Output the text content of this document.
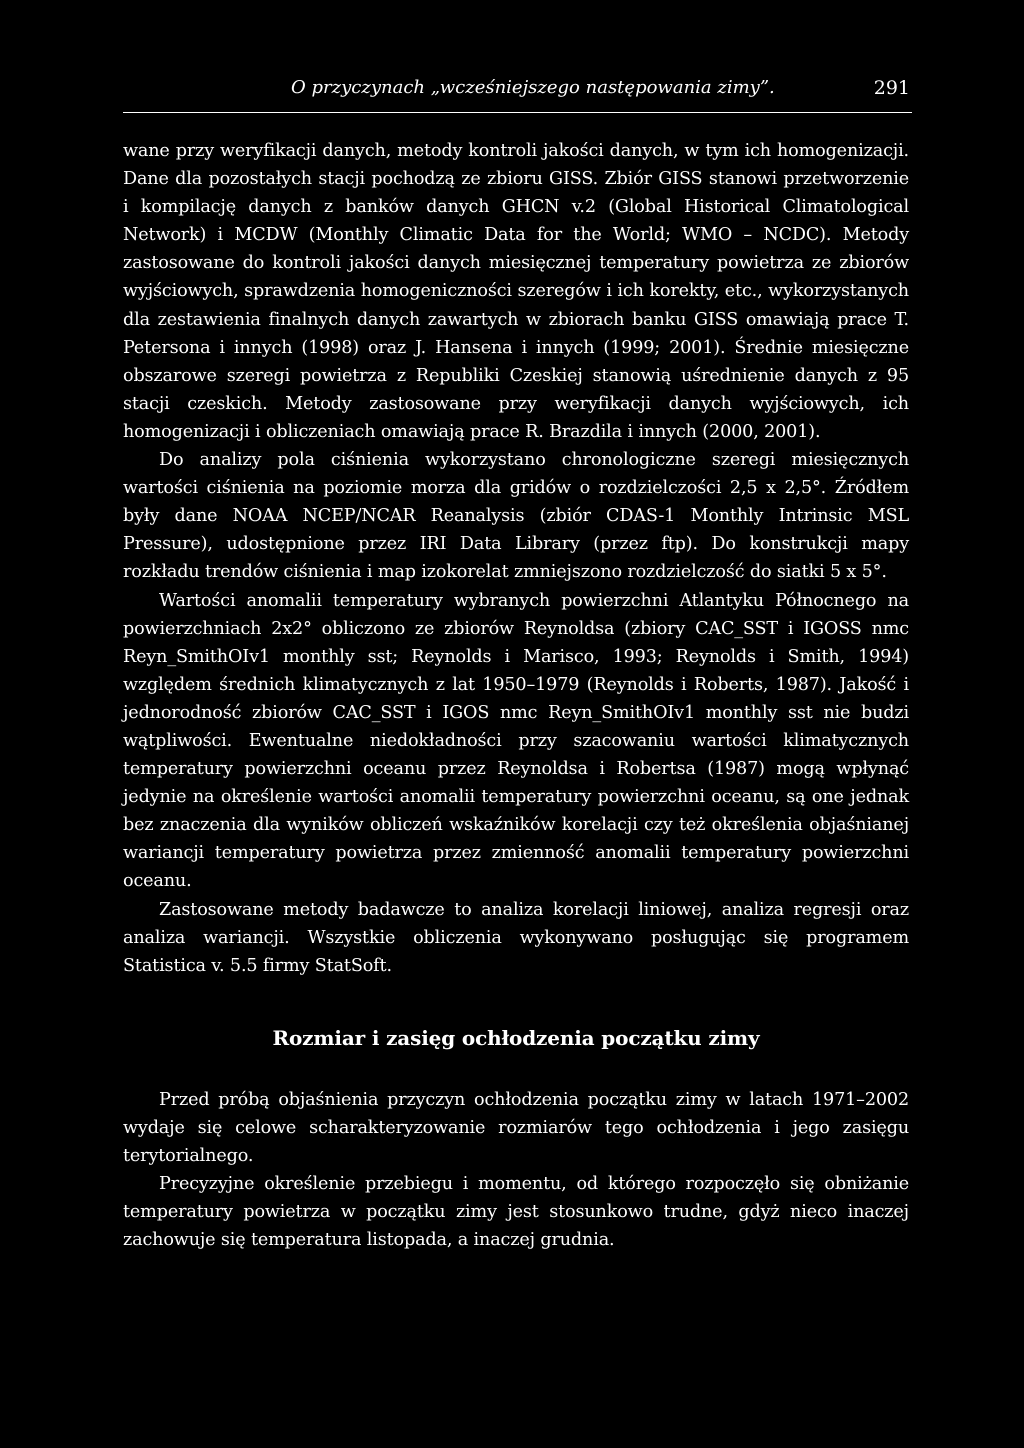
O przyczynach „wcześniejszego następowania zimy”.	291

wane przy weryfikacji danych, metody kontroli jakości danych, w tym ich homogenizacji. Dane dla pozostałych stacji pochodzą ze zbioru GISS. Zbiór GISS stanowi przetworzenie i kompilację danych z banków danych GHCN v.2 (Global Historical Climatological Network) i MCDW (Monthly Climatic Data for the World; WMO – NCDC). Metody zastosowane do kontroli jakości danych miesięcznej temperatury powietrza ze zbiorów wyjściowych, sprawdzenia homogeniczności szeregów i ich korekty, etc., wykorzystanych dla zestawienia finalnych danych zawartych w zbiorach banku GISS omawiają prace T. Petersona i innych (1998) oraz J. Hansena i innych (1999; 2001). Średnie miesięczne obszarowe szeregi powietrza z Republiki Czeskiej stanowią uśrednienie danych z 95 stacji czeskich. Metody zastosowane przy weryfikacji danych wyjściowych, ich homogenizacji i obliczeniach omawiają prace R. Brazdila i innych (2000, 2001).

Do analizy pola ciśnienia wykorzystano chronologiczne szeregi miesięcznych wartości ciśnienia na poziomie morza dla gridów o rozdzielczości 2,5 x 2,5°. Źródłem były dane NOAA NCEP/NCAR Reanalysis (zbiór CDAS-1 Monthly Intrinsic MSL Pressure), udostępnione przez IRI Data Library (przez ftp). Do konstrukcji mapy rozkładu trendów ciśnienia i map izokorelat zmniejszono rozdzielczość do siatki 5 x 5°.

Wartości anomalii temperatury wybranych powierzchni Atlantyku Północnego na powierzchniach 2x2° obliczono ze zbiorów Reynoldsa (zbiory CAC_SST i IGOSS nmc Reyn_SmithOIv1 monthly sst; Reynolds i Marisco, 1993; Reynolds i Smith, 1994) względem średnich klimatycznych z lat 1950–1979 (Reynolds i Roberts, 1987). Jakość i jednorodność zbiorów CAC_SST i IGOS nmc Reyn_SmithOIv1 monthly sst nie budzi wątpliwości. Ewentualne niedokładności przy szacowaniu wartości klimatycznych temperatury powierzchni oceanu przez Reynoldsa i Robertsa (1987) mogą wpłynąć jedynie na określenie wartości anomalii temperatury powierzchni oceanu, są one jednak bez znaczenia dla wyników obliczeń wskaźników korelacji czy też określenia objaśnianej wariancji temperatury powietrza przez zmienność anomalii temperatury powierzchni oceanu.

Zastosowane metody badawcze to analiza korelacji liniowej, analiza regresji oraz analiza wariancji. Wszystkie obliczenia wykonywano posługując się programem Statistica v. 5.5 firmy StatSoft.

Rozmiar i zasięg ochłodzenia początku zimy

Przed próbą objaśnienia przyczyn ochłodzenia początku zimy w latach 1971–2002 wydaje się celowe scharakteryzowanie rozmiarów tego ochłodzenia i jego zasięgu terytorialnego.

Precyzyjne określenie przebiegu i momentu, od którego rozpoczęło się obniżanie temperatury powietrza w początku zimy jest stosunkowo trudne, gdyż nieco inaczej zachowuje się temperatura listopada, a inaczej grudnia.
